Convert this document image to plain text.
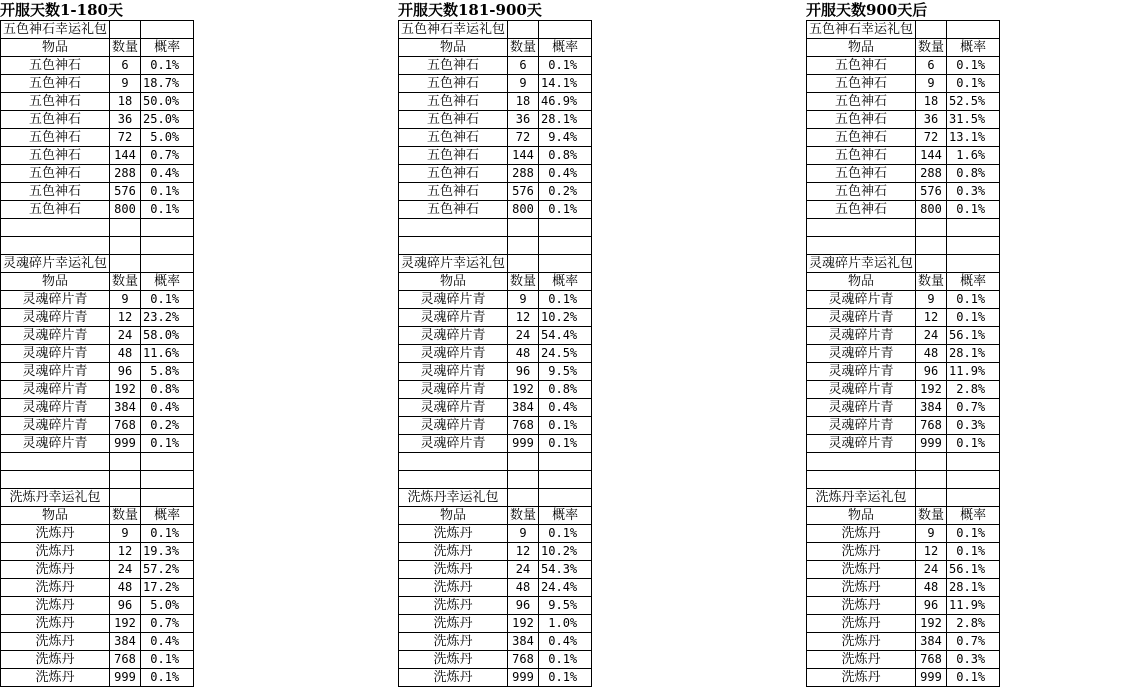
开服天数1-180天
五色神石幸运礼包		
物品	数量	概率
五色神石	6	0.1%
五色神石	9	18.7%
五色神石	18	50.0%
五色神石	36	25.0%
五色神石	72	5.0%
五色神石	144	0.7%
五色神石	288	0.4%
五色神石	576	0.1%
五色神石	800	0.1%

灵魂碎片幸运礼包		
物品	数量	概率
灵魂碎片青	9	0.1%
灵魂碎片青	12	23.2%
灵魂碎片青	24	58.0%
灵魂碎片青	48	11.6%
灵魂碎片青	96	5.8%
灵魂碎片青	192	0.8%
灵魂碎片青	384	0.4%
灵魂碎片青	768	0.2%
灵魂碎片青	999	0.1%

洗炼丹幸运礼包		
物品	数量	概率
洗炼丹	9	0.1%
洗炼丹	12	19.3%
洗炼丹	24	57.2%
洗炼丹	48	17.2%
洗炼丹	96	5.0%
洗炼丹	192	0.7%
洗炼丹	384	0.4%
洗炼丹	768	0.1%
洗炼丹	999	0.1%
开服天数181-900天
五色神石幸运礼包		
物品	数量	概率
五色神石	6	0.1%
五色神石	9	14.1%
五色神石	18	46.9%
五色神石	36	28.1%
五色神石	72	9.4%
五色神石	144	0.8%
五色神石	288	0.4%
五色神石	576	0.2%
五色神石	800	0.1%

灵魂碎片幸运礼包		
物品	数量	概率
灵魂碎片青	9	0.1%
灵魂碎片青	12	10.2%
灵魂碎片青	24	54.4%
灵魂碎片青	48	24.5%
灵魂碎片青	96	9.5%
灵魂碎片青	192	0.8%
灵魂碎片青	384	0.4%
灵魂碎片青	768	0.1%
灵魂碎片青	999	0.1%

洗炼丹幸运礼包		
物品	数量	概率
洗炼丹	9	0.1%
洗炼丹	12	10.2%
洗炼丹	24	54.3%
洗炼丹	48	24.4%
洗炼丹	96	9.5%
洗炼丹	192	1.0%
洗炼丹	384	0.4%
洗炼丹	768	0.1%
洗炼丹	999	0.1%
开服天数900天后
五色神石幸运礼包		
物品	数量	概率
五色神石	6	0.1%
五色神石	9	0.1%
五色神石	18	52.5%
五色神石	36	31.5%
五色神石	72	13.1%
五色神石	144	1.6%
五色神石	288	0.8%
五色神石	576	0.3%
五色神石	800	0.1%

灵魂碎片幸运礼包		
物品	数量	概率
灵魂碎片青	9	0.1%
灵魂碎片青	12	0.1%
灵魂碎片青	24	56.1%
灵魂碎片青	48	28.1%
灵魂碎片青	96	11.9%
灵魂碎片青	192	2.8%
灵魂碎片青	384	0.7%
灵魂碎片青	768	0.3%
灵魂碎片青	999	0.1%

洗炼丹幸运礼包		
物品	数量	概率
洗炼丹	9	0.1%
洗炼丹	12	0.1%
洗炼丹	24	56.1%
洗炼丹	48	28.1%
洗炼丹	96	11.9%
洗炼丹	192	2.8%
洗炼丹	384	0.7%
洗炼丹	768	0.3%
洗炼丹	999	0.1%
